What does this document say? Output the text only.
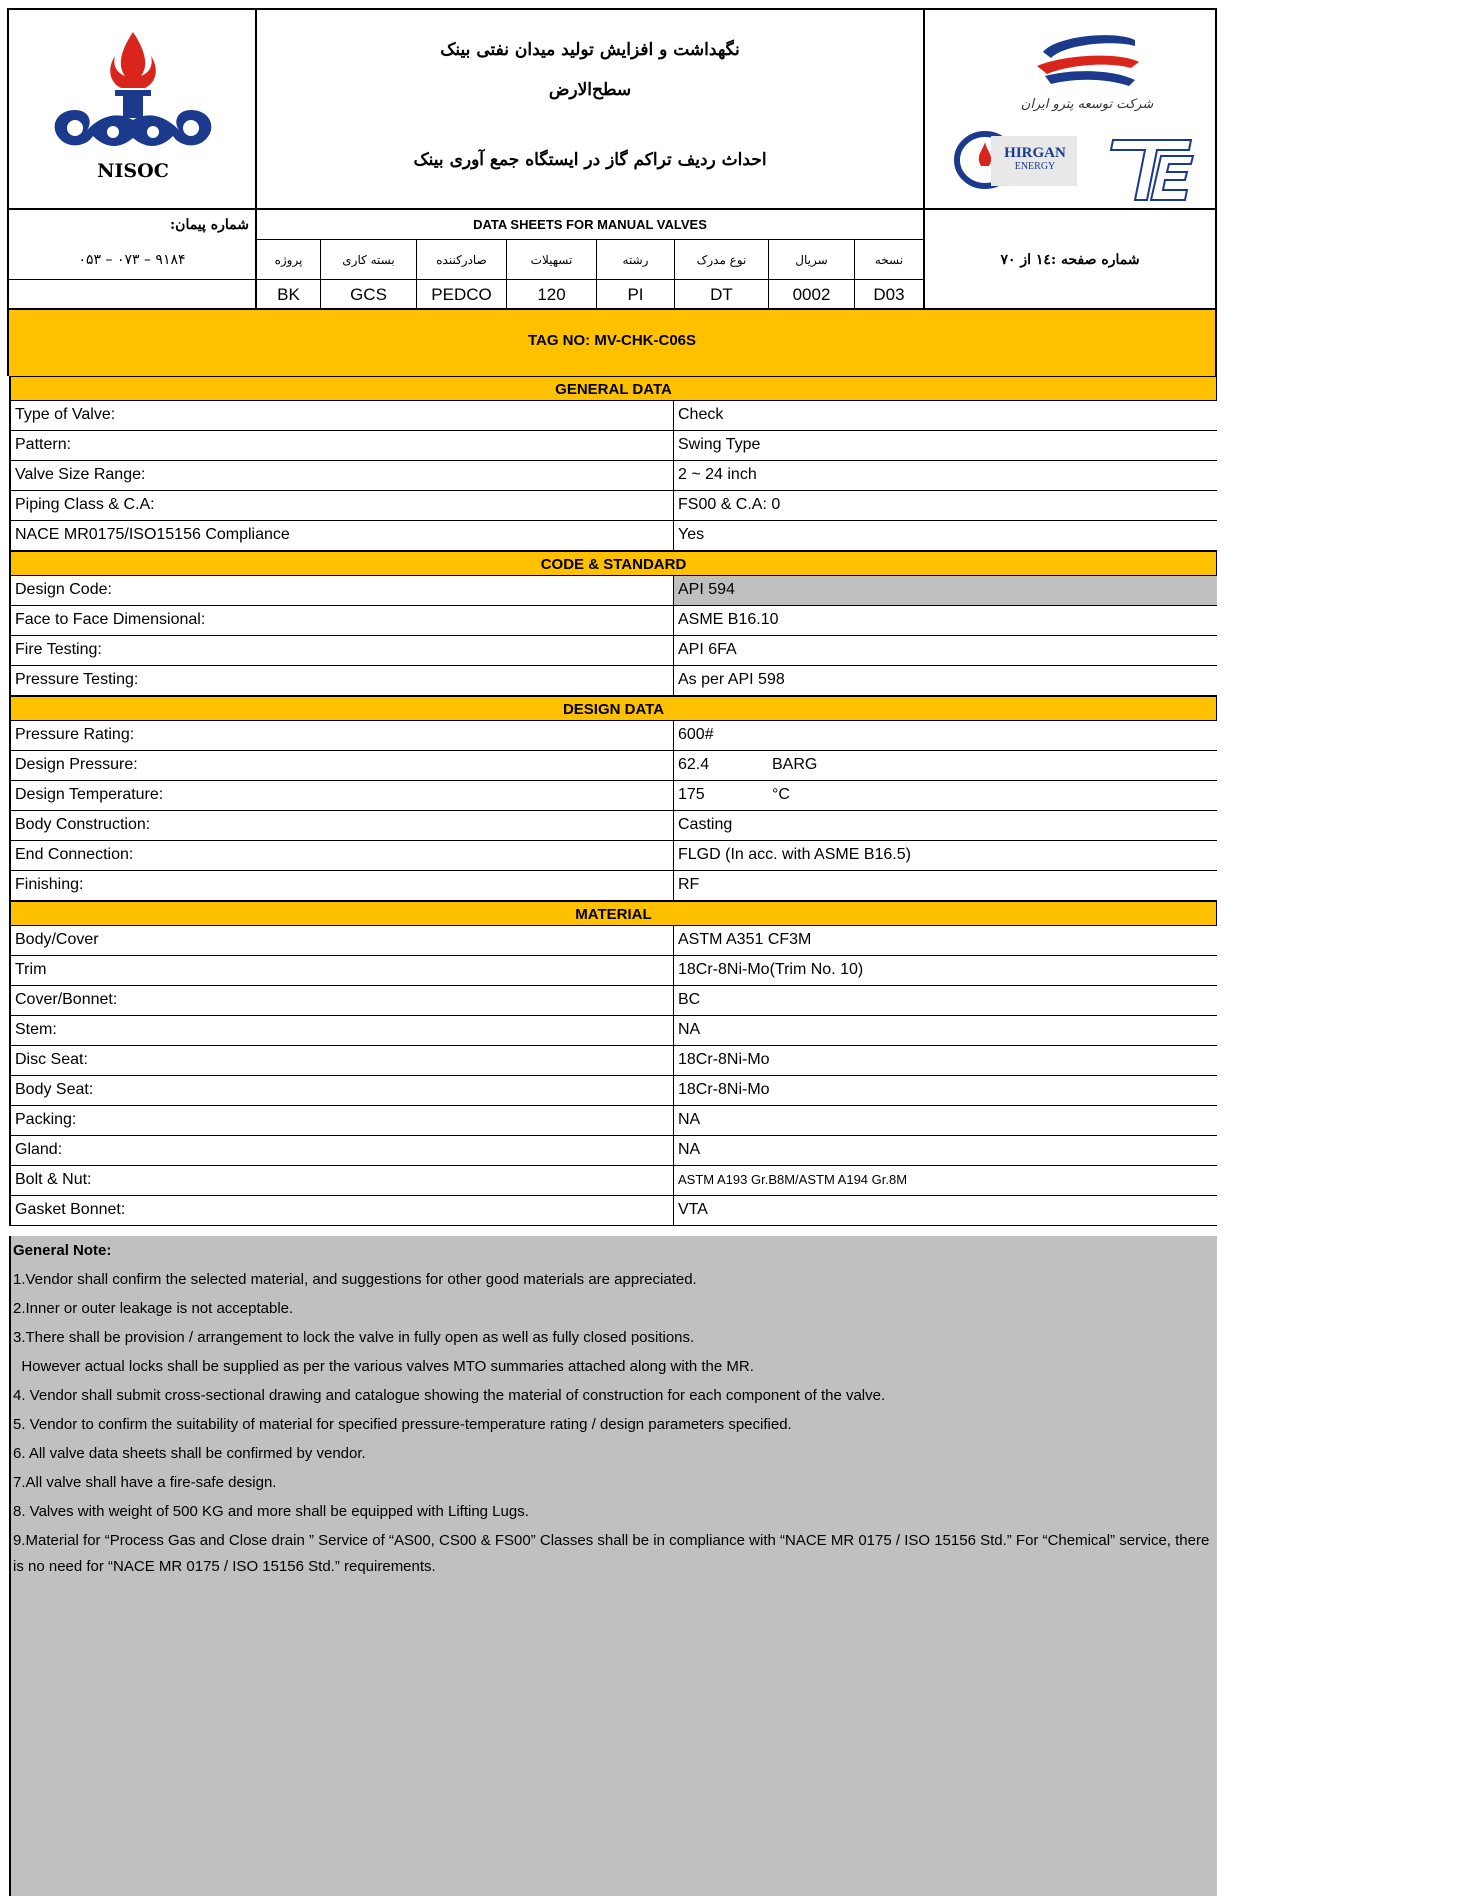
NISOC
نگهداشت و افزایش تولید میدان نفتی بینک
سطح‌الارض
احداث ردیف تراکم گاز در ایستگاه جمع آوری بینک
شرکت توسعه پترو ایران
HIRGAN
ENERGY
شماره پیمان:
۰۵۳ – ۰۷۳ – ۹۱۸۴
DATA SHEETS FOR MANUAL VALVES
پروژه	بسته کاری	صادرکننده	تسهیلات	رشته	نوع مدرک	سریال	نسخه
BK	GCS	PEDCO	120	PI	DT	0002	D03
شماره صفحه :۱٤ از ۷۰
TAG NO: MV-CHK-C06S
GENERAL DATA
Type of Valve:	Check
Pattern:	Swing Type
Valve Size Range:	2 ~ 24 inch
Piping Class & C.A:	FS00 & C.A: 0
NACE MR0175/ISO15156 Compliance	Yes
CODE & STANDARD
Design Code:	API 594
Face to Face Dimensional:	ASME B16.10
Fire Testing:	API 6FA
Pressure Testing:	As per API 598
DESIGN DATA
Pressure Rating:	600#
Design Pressure:	62.4	BARG
Design Temperature:	175	°C
Body Construction:	Casting
End Connection:	FLGD (In acc. with ASME B16.5)
Finishing:	RF
MATERIAL
Body/Cover	ASTM A351 CF3M
Trim	18Cr-8Ni-Mo(Trim No. 10)
Cover/Bonnet:	BC
Stem:	NA
Disc Seat:	18Cr-8Ni-Mo
Body Seat:	18Cr-8Ni-Mo
Packing:	NA
Gland:	NA
Bolt & Nut:	ASTM A193 Gr.B8M/ASTM A194 Gr.8M
Gasket Bonnet:	VTA
General Note:
1.Vendor shall confirm the selected material, and suggestions for other good materials are appreciated.
2.Inner or outer leakage is not acceptable.
3.There shall be provision / arrangement to lock the valve in fully open as well as fully closed positions.
However actual locks shall be supplied as per the various valves MTO summaries attached along with the MR.
4. Vendor shall submit cross-sectional drawing and catalogue showing the material of construction for each component of the valve.
5. Vendor to confirm the suitability of material for specified pressure-temperature rating / design parameters specified.
6. All valve data sheets shall be confirmed by vendor.
7.All valve shall have a fire-safe design.
8. Valves with weight of 500 KG and more shall be equipped with Lifting Lugs.
9.Material for “Process Gas and Close drain ” Service of “AS00, CS00 & FS00” Classes shall be in compliance with “NACE MR 0175 / ISO 15156 Std.” For “Chemical” service, there is no need for “NACE MR 0175 / ISO 15156 Std.” requirements.
